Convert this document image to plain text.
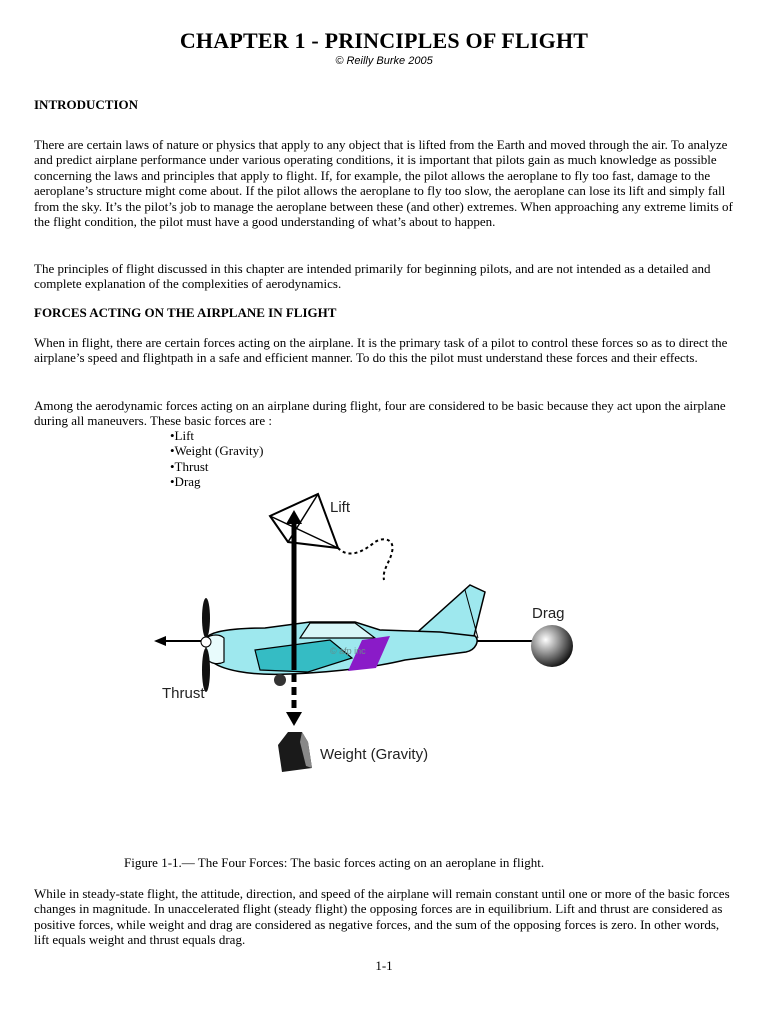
CHAPTER 1 - PRINCIPLES OF FLIGHT
© Reilly Burke 2005

INTRODUCTION

There are certain laws of nature or physics that apply to any object that is lifted from the Earth and moved through the air. To analyze and predict airplane performance under various operating conditions, it is important that pilots gain as much knowledge as possible concerning the laws and principles that apply to flight. If, for example, the pilot allows the aeroplane to fly too fast, damage to the aeroplane’s structure might come about. If the pilot allows the aeroplane to fly too slow, the aeroplane can lose its lift and simply fall from the sky. It’s the pilot’s job to manage the aeroplane between these (and other) extremes. When approaching any extreme limits of the flight condition, the pilot must have a good understanding of what’s about to happen.

The principles of flight discussed in this chapter are intended primarily for beginning pilots, and are not intended as a detailed and complete explanation of the complexities of aerodynamics.

FORCES ACTING ON THE AIRPLANE IN FLIGHT

When in flight, there are certain forces acting on the airplane. It is the primary task of a pilot to control these forces so as to direct the airplane’s speed and flightpath in a safe and efficient manner. To do this the pilot must understand these forces and their effects.

Among the aerodynamic forces acting on an airplane during flight, four are considered to be basic because they act upon the airplane during all maneuvers. These basic forces are :

•Lift
•Weight (Gravity)
•Thrust
•Drag
© afp inc
Lift
Drag
Thrust
Weight (Gravity)

Figure 1-1.— The Four Forces: The basic forces acting on an aeroplane in flight.

While in steady-state flight, the attitude, direction, and speed of the airplane will remain constant until one or more of the basic forces changes in magnitude. In unaccelerated flight (steady flight) the opposing forces are in equilibrium. Lift and thrust are considered as positive forces, while weight and drag are considered as negative forces, and the sum of the opposing forces is zero. In other words, lift equals weight and thrust equals drag.

1-1
